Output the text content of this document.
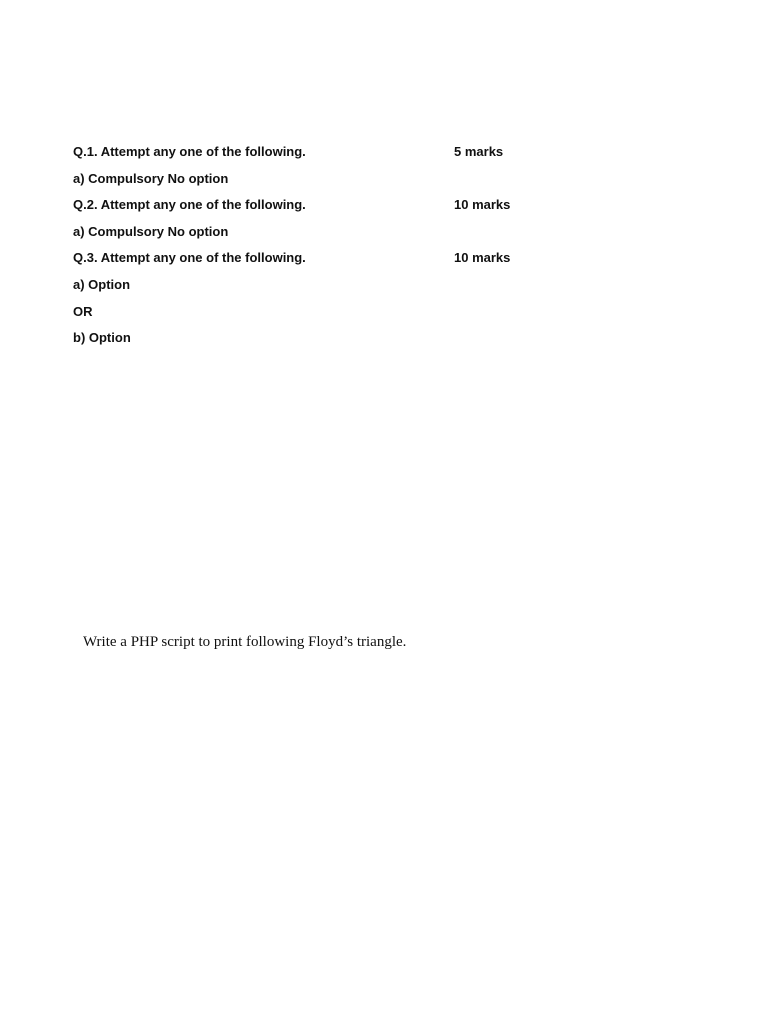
Q.1. Attempt any one of the following.	5 marks
a) Compulsory No option
Q.2. Attempt any one of the following.	10 marks
a) Compulsory No option
Q.3. Attempt any one of the following.	10 marks
a) Option
OR
b) Option
Write a PHP script to print following Floyd’s triangle.
